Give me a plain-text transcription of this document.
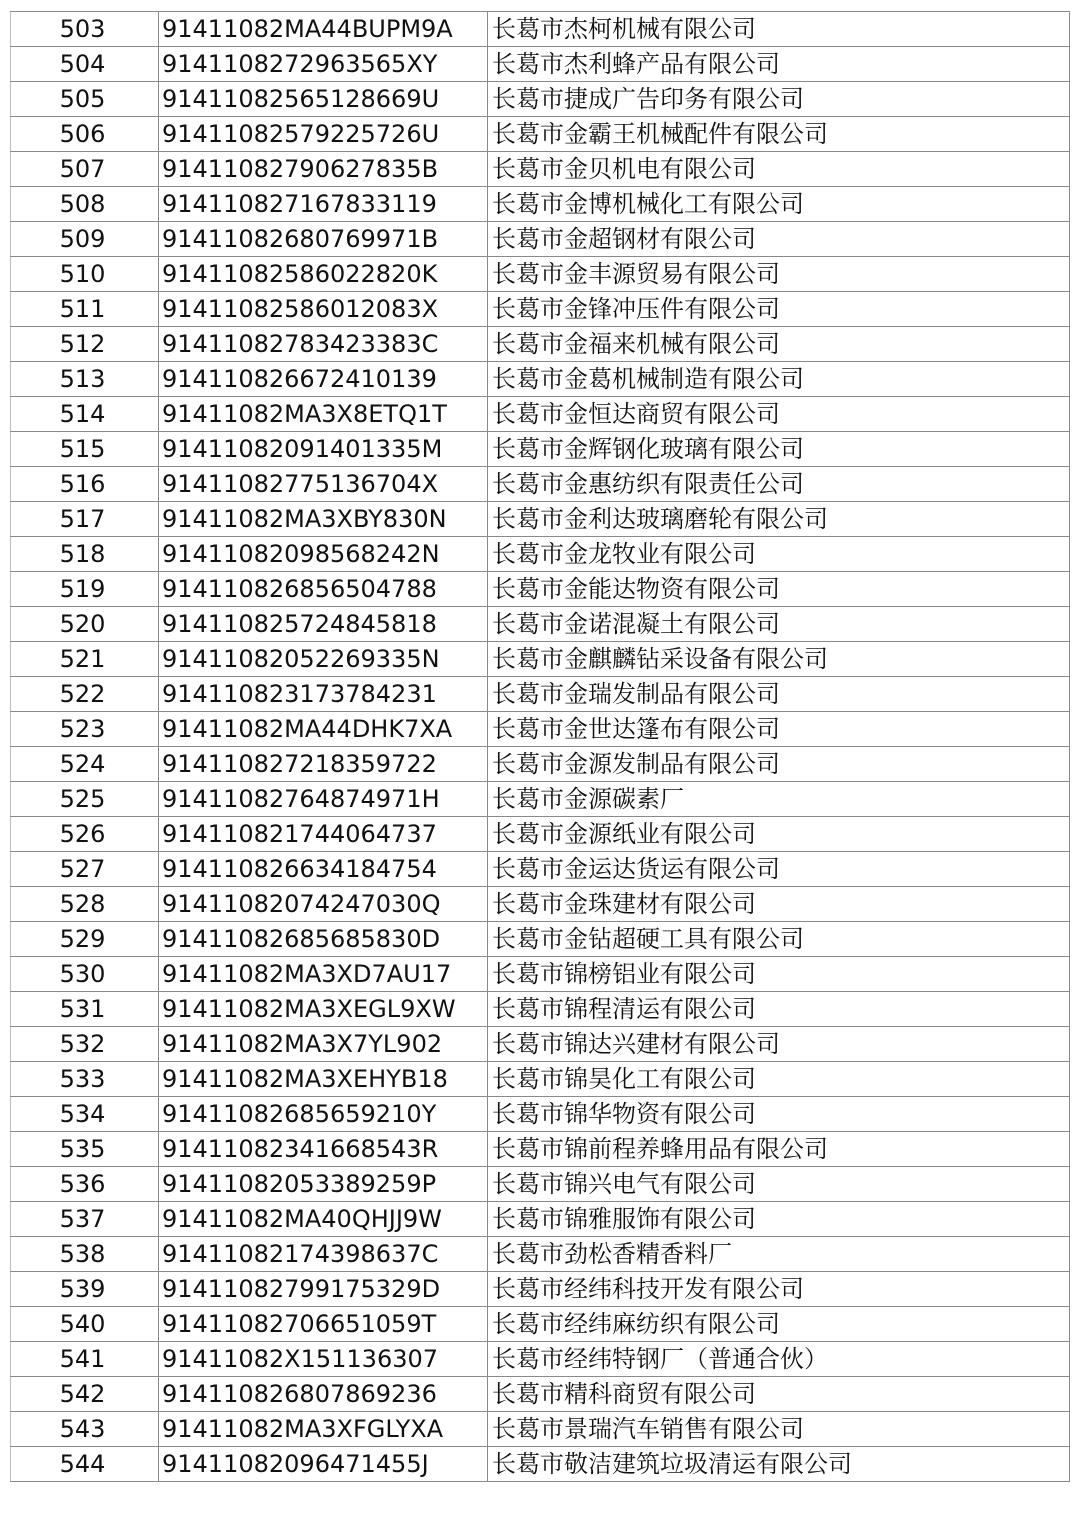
503	91411082MA44BUPM9A	长葛市杰柯机械有限公司
504	9141108272963565XY	长葛市杰利蜂产品有限公司
505	91411082565128669U	长葛市捷成广告印务有限公司
506	91411082579225726U	长葛市金霸王机械配件有限公司
507	91411082790627835B	长葛市金贝机电有限公司
508	914110827167833119	长葛市金博机械化工有限公司
509	91411082680769971B	长葛市金超钢材有限公司
510	91411082586022820K	长葛市金丰源贸易有限公司
511	91411082586012083X	长葛市金锋冲压件有限公司
512	91411082783423383C	长葛市金福来机械有限公司
513	914110826672410139	长葛市金葛机械制造有限公司
514	91411082MA3X8ETQ1T	长葛市金恒达商贸有限公司
515	91411082091401335M	长葛市金辉钢化玻璃有限公司
516	91411082775136704X	长葛市金惠纺织有限责任公司
517	91411082MA3XBY830N	长葛市金利达玻璃磨轮有限公司
518	91411082098568242N	长葛市金龙牧业有限公司
519	914110826856504788	长葛市金能达物资有限公司
520	914110825724845818	长葛市金诺混凝土有限公司
521	91411082052269335N	长葛市金麒麟钻采设备有限公司
522	914110823173784231	长葛市金瑞发制品有限公司
523	91411082MA44DHK7XA	长葛市金世达篷布有限公司
524	914110827218359722	长葛市金源发制品有限公司
525	91411082764874971H	长葛市金源碳素厂
526	914110821744064737	长葛市金源纸业有限公司
527	914110826634184754	长葛市金运达货运有限公司
528	91411082074247030Q	长葛市金珠建材有限公司
529	91411082685685830D	长葛市金钻超硬工具有限公司
530	91411082MA3XD7AU17	长葛市锦榜铝业有限公司
531	91411082MA3XEGL9XW	长葛市锦程清运有限公司
532	91411082MA3X7YL902	长葛市锦达兴建材有限公司
533	91411082MA3XEHYB18	长葛市锦昊化工有限公司
534	91411082685659210Y	长葛市锦华物资有限公司
535	91411082341668543R	长葛市锦前程养蜂用品有限公司
536	91411082053389259P	长葛市锦兴电气有限公司
537	91411082MA40QHJJ9W	长葛市锦雅服饰有限公司
538	91411082174398637C	长葛市劲松香精香料厂
539	91411082799175329D	长葛市经纬科技开发有限公司
540	91411082706651059T	长葛市经纬麻纺织有限公司
541	91411082X151136307	长葛市经纬特钢厂（普通合伙）
542	914110826807869236	长葛市精科商贸有限公司
543	91411082MA3XFGLYXA	长葛市景瑞汽车销售有限公司
544	91411082096471455J	长葛市敬洁建筑垃圾清运有限公司
